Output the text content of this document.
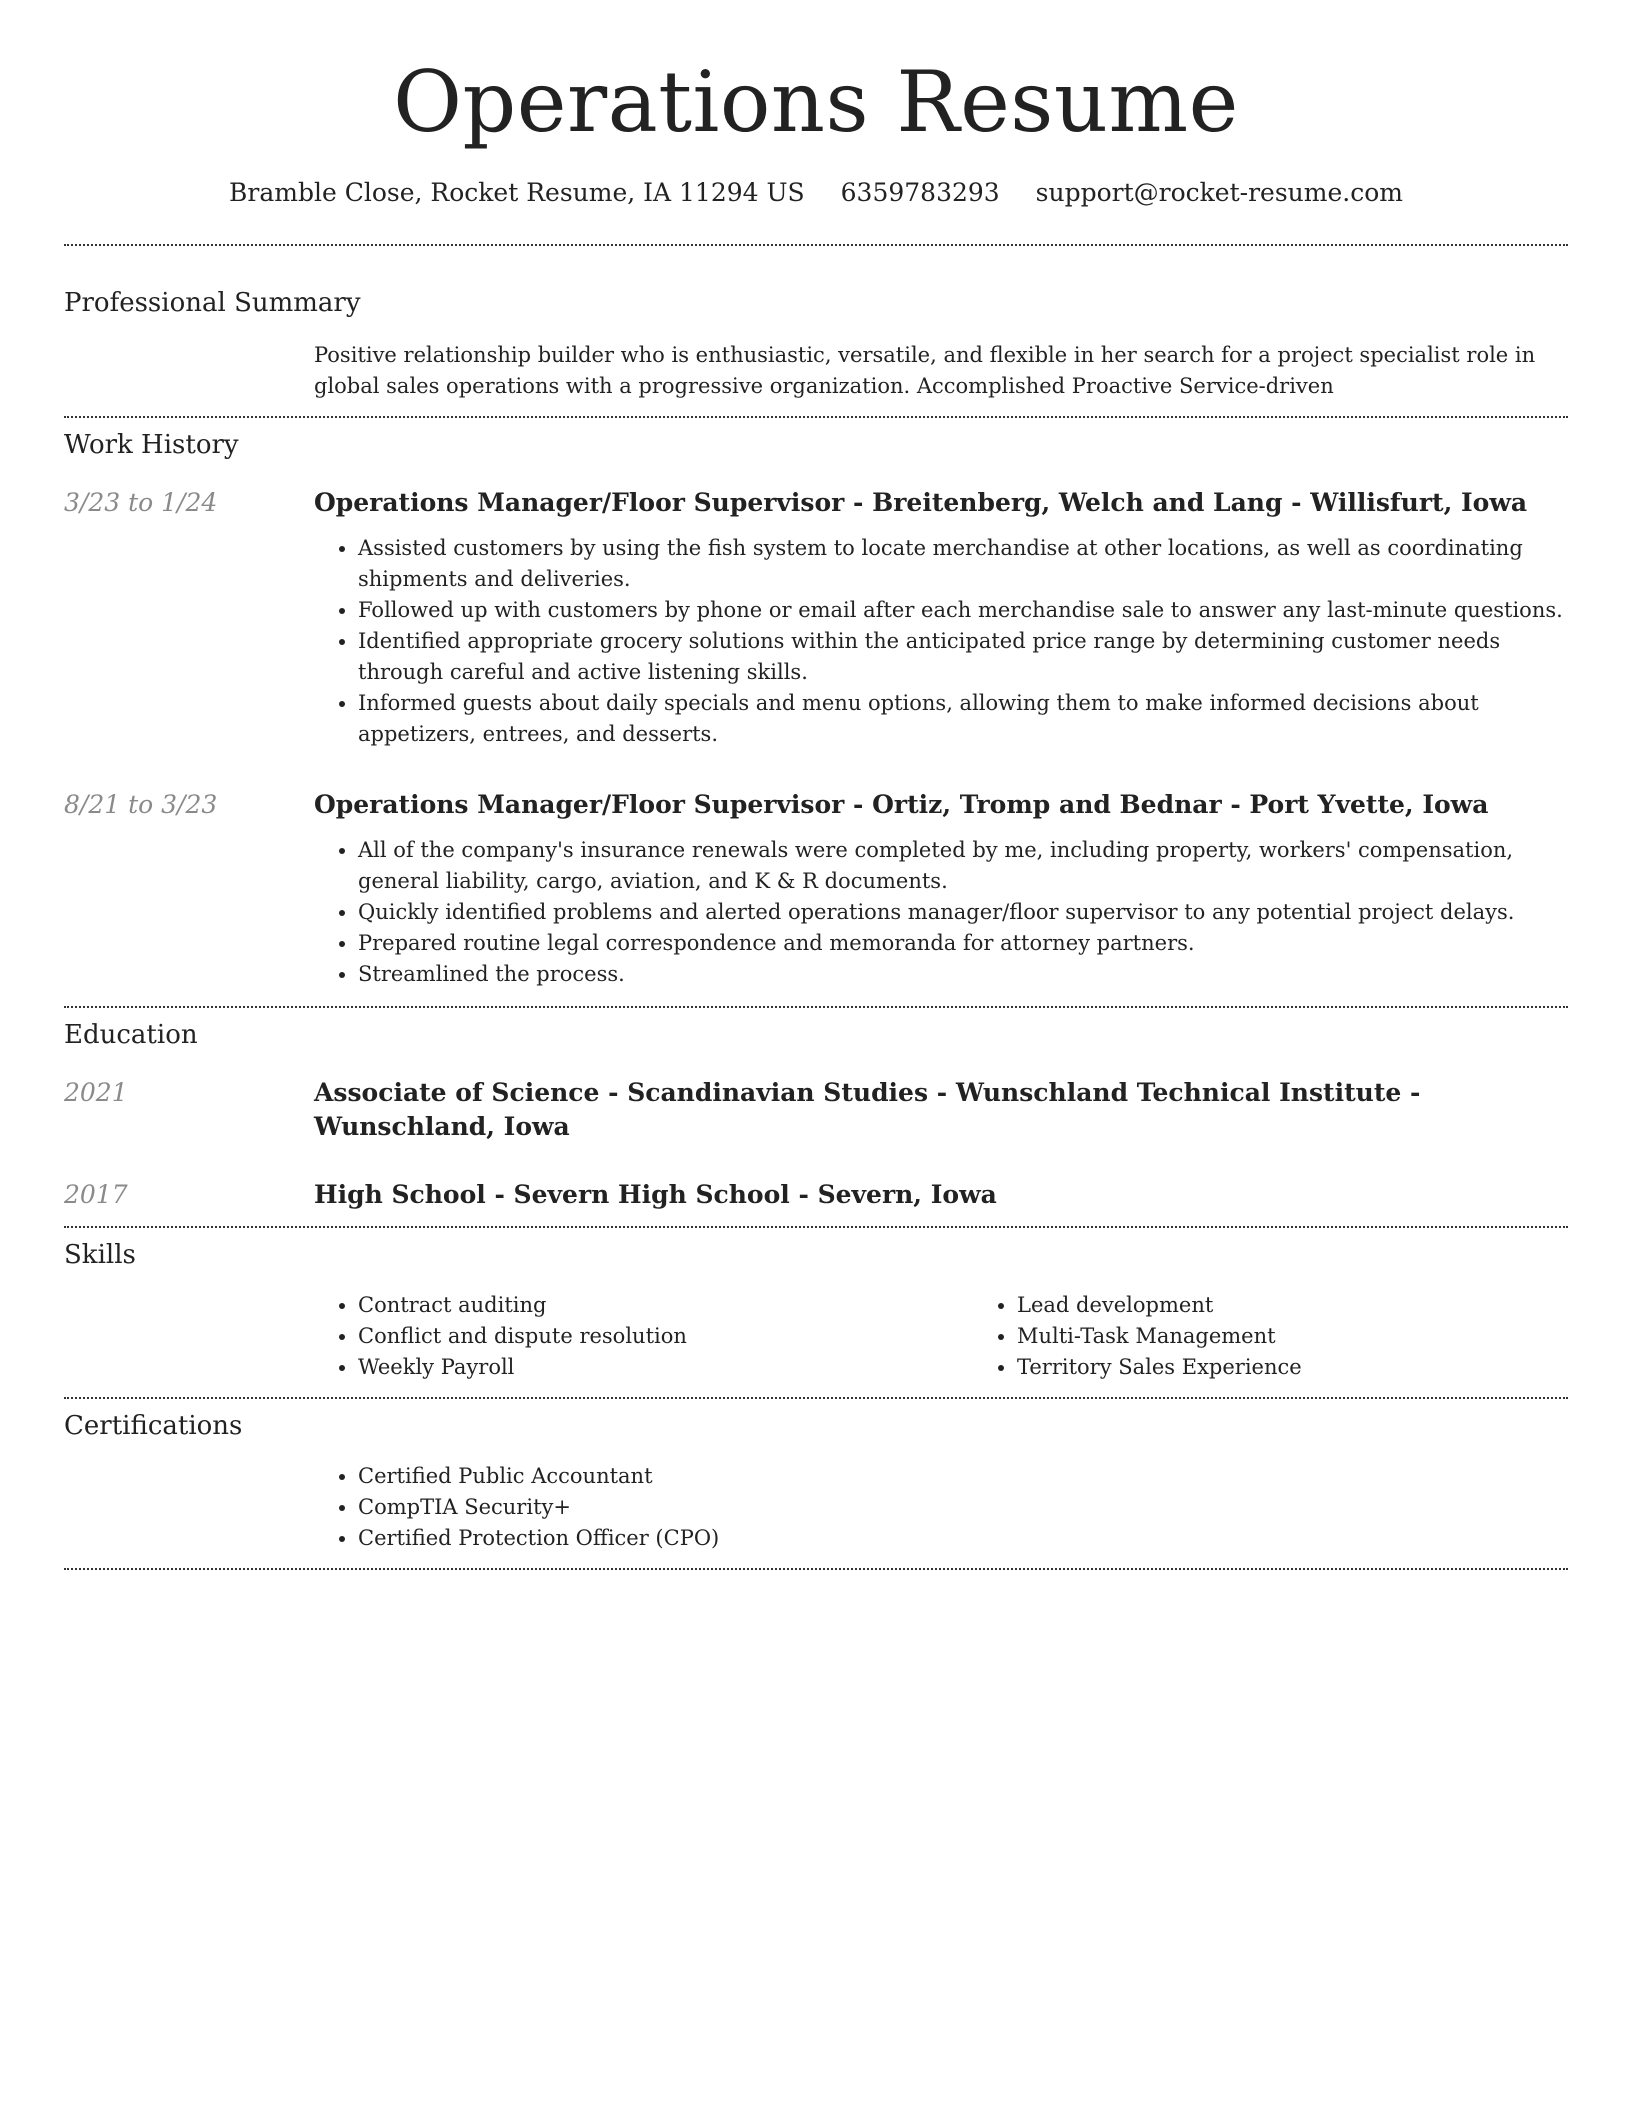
Operations Resume
Bramble Close, Rocket Resume, IA 11294 US 6359783293 support@rocket-resume.com
Professional Summary

Positive relationship builder who is enthusiastic, versatile, and flexible in her search for a project specialist role in global sales operations with a progressive organization. Accomplished Proactive Service-driven

Work History
3/23 to 1/24	Operations Manager/Floor Supervisor - Breitenberg, Welch and Lang - Willisfurt, Iowa
• Assisted customers by using the fish system to locate merchandise at other locations, as well as coordinating shipments and deliveries.
• Followed up with customers by phone or email after each merchandise sale to answer any last-minute questions.
• Identified appropriate grocery solutions within the anticipated price range by determining customer needs through careful and active listening skills.
• Informed guests about daily specials and menu options, allowing them to make informed decisions about appetizers, entrees, and desserts.
8/21 to 3/23	Operations Manager/Floor Supervisor - Ortiz, Tromp and Bednar - Port Yvette, Iowa
• All of the company's insurance renewals were completed by me, including property, workers' compensation, general liability, cargo, aviation, and K & R documents.
• Quickly identified problems and alerted operations manager/floor supervisor to any potential project delays.
• Prepared routine legal correspondence and memoranda for attorney partners.
• Streamlined the process.
Education
2021	Associate of Science - Scandinavian Studies - Wunschland Technical Institute - Wunschland, Iowa
2017	High School - Severn High School - Severn, Iowa
Skills
• Contract auditing
• Conflict and dispute resolution
• Weekly Payroll
• Lead development
• Multi-Task Management
• Territory Sales Experience
Certifications
• Certified Public Accountant
• CompTIA Security+
• Certified Protection Officer (CPO)
